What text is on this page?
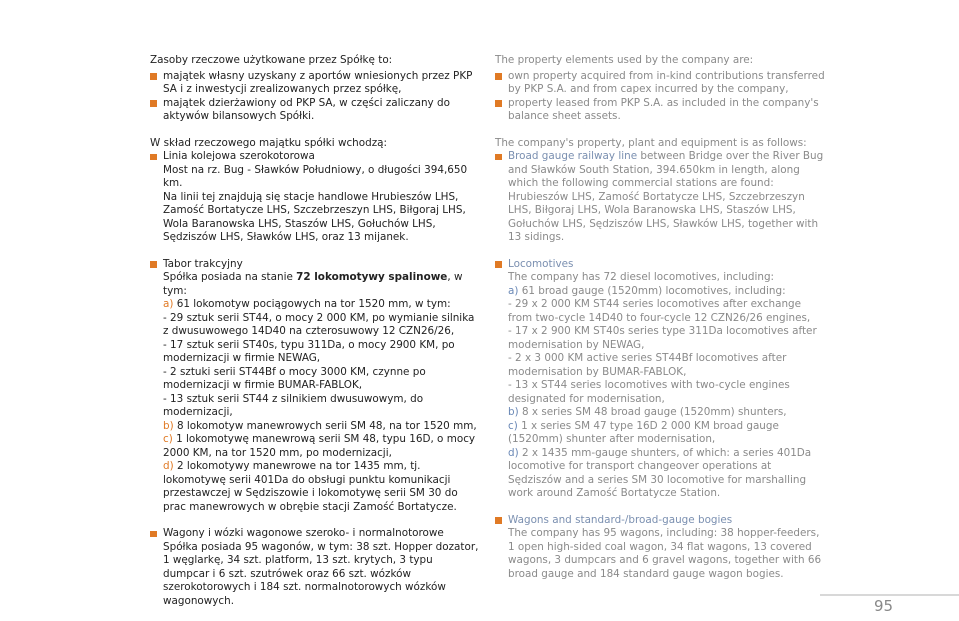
Zasoby rzeczowe użytkowane przez Spółkę to:

majątek własny uzyskany z aportów wniesionych przez PKP SA i z inwestycji zrealizowanych przez spółkę,
majątek dzierżawiony od PKP SA, w części zaliczany do aktywów bilansowych Spółki.

W skład rzeczowego majątku spółki wchodzą:

Linia kolejowa szerokotorowa

Most na rz. Bug - Sławków Południowy, o długości 394,650 km.

Na linii tej znajdują się stacje handlowe Hrubieszów LHS, Zamość Bortatycze LHS, Szczebrzeszyn LHS, Biłgoraj LHS, Wola Baranowska LHS, Staszów LHS, Gołuchów LHS, Sędziszów LHS, Sławków LHS, oraz 13 mijanek.

Tabor trakcyjny

Spółka posiada na stanie 72 lokomotywy spalinowe, w tym:

a) 61 lokomotyw pociągowych na tor 1520 mm, w tym:

- 29 sztuk serii ST44, o mocy 2 000 KM, po wymianie silnika z dwusuwowego 14D40 na czterosuwowy 12 CZN26/26,

- 17 sztuk serii ST40s, typu 311Da, o mocy 2900 KM, po modernizacji w firmie NEWAG,

- 2 sztuki serii ST44Bf o mocy 3000 KM, czynne po modernizacji w firmie BUMAR-FABLOK,

- 13 sztuk serii ST44 z silnikiem dwusuwowym, do modernizacji,

b) 8 lokomotyw manewrowych serii SM 48, na tor 1520 mm,

c) 1 lokomotywę manewrową serii SM 48, typu 16D, o mocy 2000 KM, na tor 1520 mm, po modernizacji,

d) 2 lokomotywy manewrowe na tor 1435 mm, tj. lokomotywę serii 401Da do obsługi punktu komunikacji przestawczej w Sędziszowie i lokomotywę serii SM 30 do prac manewrowych w obrębie stacji Zamość Bortatycze.

Wagony i wózki wagonowe szeroko- i normalnotorowe

Spółka posiada 95 wagonów, w tym: 38 szt. Hopper dozator, 1 węglarkę, 34 szt. platform, 13 szt. krytych, 3 typu dumpcar i 6 szt. szutrówek oraz 66 szt. wózków szerokotorowych i 184 szt. normalnotorowych wózków wagonowych.

The property elements used by the company are:

own property acquired from in-kind contributions transferred by PKP S.A. and from capex incurred by the company,
property leased from PKP S.A. as included in the company's balance sheet assets.

The company's property, plant and equipment is as follows:

Broad gauge railway line between Bridge over the River Bug and Sławków South Station, 394.650km in length, along which the following commercial stations are found: Hrubieszów LHS, Zamość Bortatycze LHS, Szczebrzeszyn LHS, Biłgoraj LHS, Wola Baranowska LHS, Staszów LHS, Gołuchów LHS, Sędziszów LHS, Sławków LHS, together with 13 sidings.

Locomotives

The company has 72 diesel locomotives, including:

a) 61 broad gauge (1520mm) locomotives, including:

- 29 x 2 000 KM ST44 series locomotives after exchange from two-cycle 14D40 to four-cycle 12 CZN26/26 engines,

- 17 x 2 900 KM ST40s series type 311Da locomotives after modernisation by NEWAG,

- 2 x 3 000 KM active series ST44Bf locomotives after modernisation by BUMAR-FABLOK,

- 13 x ST44 series locomotives with two-cycle engines designated for modernisation,

b) 8 x series SM 48 broad gauge (1520mm) shunters,

c) 1 x series SM 47 type 16D 2 000 KM broad gauge (1520mm) shunter after modernisation,

d) 2 x 1435 mm-gauge shunters, of which: a series 401Da locomotive for transport changeover operations at Sędziszów and a series SM 30 locomotive for marshalling work around Zamość Bortatycze Station.

Wagons and standard-/broad-gauge bogies

The company has 95 wagons, including: 38 hopper-feeders, 1 open high-sided coal wagon, 34 flat wagons, 13 covered wagons, 3 dumpcars and 6 gravel wagons, together with 66 broad gauge and 184 standard gauge wagon bogies.

95
